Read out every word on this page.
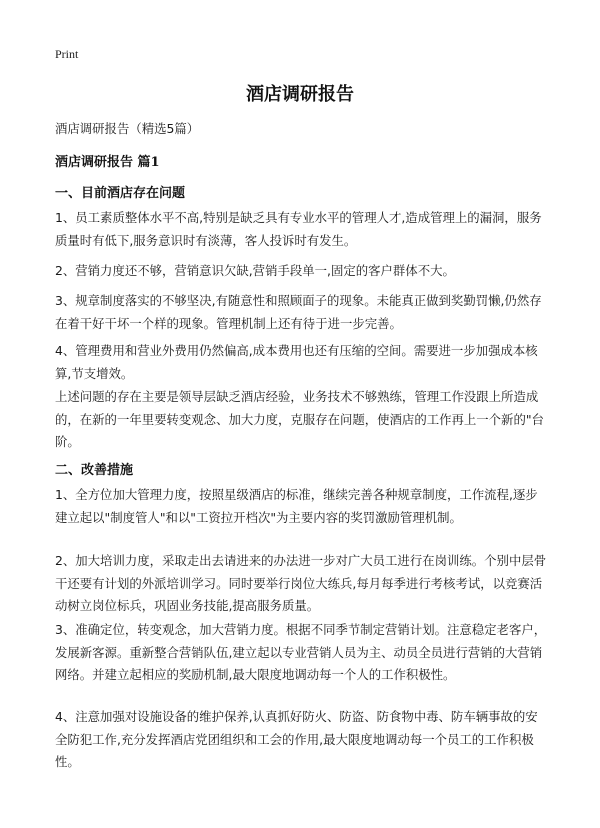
Print
酒店调研报告
酒店调研报告（精选5篇）
酒店调研报告 篇1
一、目前酒店存在问题
1、员工素质整体水平不高,特别是缺乏具有专业水平的管理人才,造成管理上的漏洞，服务质量时有低下,服务意识时有淡薄，客人投诉时有发生。
2、营销力度还不够，营销意识欠缺,营销手段单一,固定的客户群体不大。
3、规章制度落实的不够坚决,有随意性和照顾面子的现象。未能真正做到奖勤罚懒,仍然存在着干好干坏一个样的现象。管理机制上还有待于进一步完善。
4、管理费用和营业外费用仍然偏高,成本费用也还有压缩的空间。需要进一步加强成本核算,节支增效。
上述问题的存在主要是领导层缺乏酒店经验，业务技术不够熟练，管理工作没跟上所造成的，在新的一年里要转变观念、加大力度，克服存在问题，使酒店的工作再上一个新的"台阶。
二、改善措施
1、全方位加大管理力度，按照星级酒店的标准，继续完善各种规章制度，工作流程,逐步建立起以"制度管人"和以"工资拉开档次"为主要内容的奖罚激励管理机制。
2、加大培训力度，采取走出去请进来的办法进一步对广大员工进行在岗训练。个别中层骨干还要有计划的外派培训学习。同时要举行岗位大练兵,每月每季进行考核考试，以竞赛活动树立岗位标兵，巩固业务技能,提高服务质量。
3、准确定位，转变观念，加大营销力度。根据不同季节制定营销计划。注意稳定老客户，发展新客源。重新整合营销队伍,建立起以专业营销人员为主、动员全员进行营销的大营销网络。并建立起相应的奖励机制,最大限度地调动每一个人的工作积极性。
4、注意加强对设施设备的维护保养,认真抓好防火、防盗、防食物中毒、防车辆事故的安全防犯工作,充分发挥酒店党团组织和工会的作用,最大限度地调动每一个员工的工作积极性。
